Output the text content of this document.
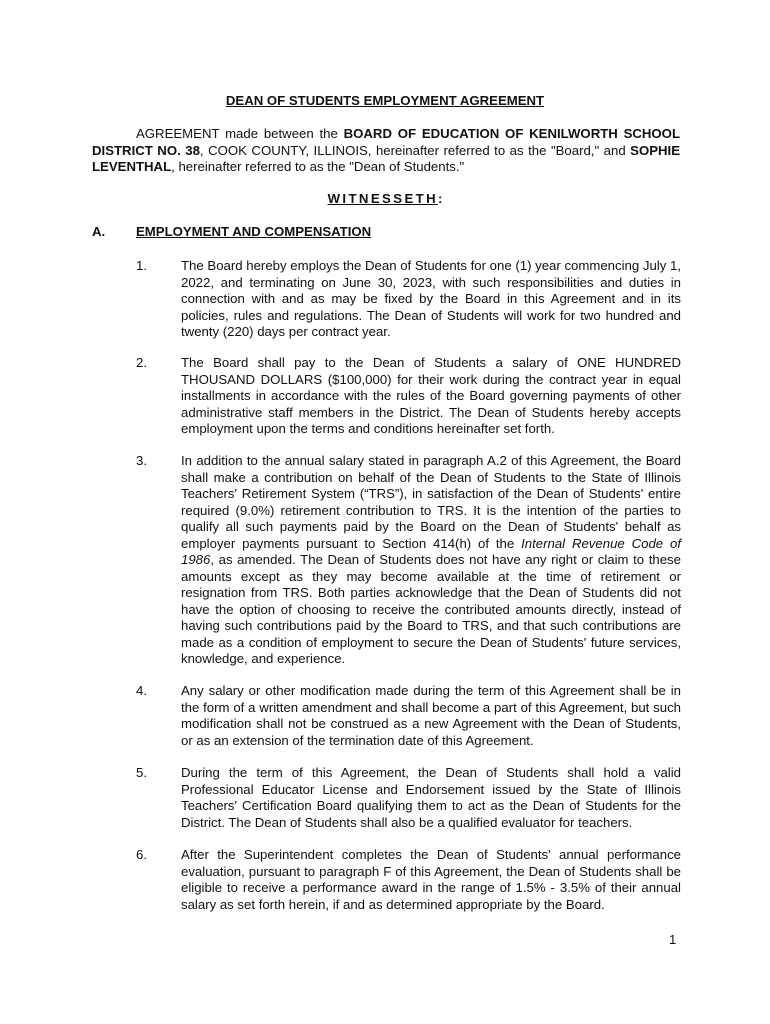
DEAN OF STUDENTS EMPLOYMENT AGREEMENT
AGREEMENT made between the BOARD OF EDUCATION OF KENILWORTH SCHOOL DISTRICT NO. 38, COOK COUNTY, ILLINOIS, hereinafter referred to as the "Board," and SOPHIE LEVENTHAL, hereinafter referred to as the "Dean of Students."
WITNESSETH:
A. EMPLOYMENT AND COMPENSATION
1.	The Board hereby employs the Dean of Students for one (1) year commencing July 1, 2022, and terminating on June 30, 2023, with such responsibilities and duties in connection with and as may be fixed by the Board in this Agreement and in its policies, rules and regulations. The Dean of Students will work for two hundred and twenty (220) days per contract year.
2.	The Board shall pay to the Dean of Students a salary of ONE HUNDRED THOUSAND DOLLARS ($100,000) for their work during the contract year in equal installments in accordance with the rules of the Board governing payments of other administrative staff members in the District. The Dean of Students hereby accepts employment upon the terms and conditions hereinafter set forth.
3.	In addition to the annual salary stated in paragraph A.2 of this Agreement, the Board shall make a contribution on behalf of the Dean of Students to the State of Illinois Teachers' Retirement System (“TRS”), in satisfaction of the Dean of Students' entire required (9.0%) retirement contribution to TRS. It is the intention of the parties to qualify all such payments paid by the Board on the Dean of Students' behalf as employer payments pursuant to Section 414(h) of the Internal Revenue Code of 1986, as amended. The Dean of Students does not have any right or claim to these amounts except as they may become available at the time of retirement or resignation from TRS. Both parties acknowledge that the Dean of Students did not have the option of choosing to receive the contributed amounts directly, instead of having such contributions paid by the Board to TRS, and that such contributions are made as a condition of employment to secure the Dean of Students' future services, knowledge, and experience.
4.	Any salary or other modification made during the term of this Agreement shall be in the form of a written amendment and shall become a part of this Agreement, but such modification shall not be construed as a new Agreement with the Dean of Students, or as an extension of the termination date of this Agreement.
5.	During the term of this Agreement, the Dean of Students shall hold a valid Professional Educator License and Endorsement issued by the State of Illinois Teachers' Certification Board qualifying them to act as the Dean of Students for the District. The Dean of Students shall also be a qualified evaluator for teachers.
6.	After the Superintendent completes the Dean of Students' annual performance evaluation, pursuant to paragraph F of this Agreement, the Dean of Students shall be eligible to receive a performance award in the range of 1.5% - 3.5% of their annual salary as set forth herein, if and as determined appropriate by the Board.
1
